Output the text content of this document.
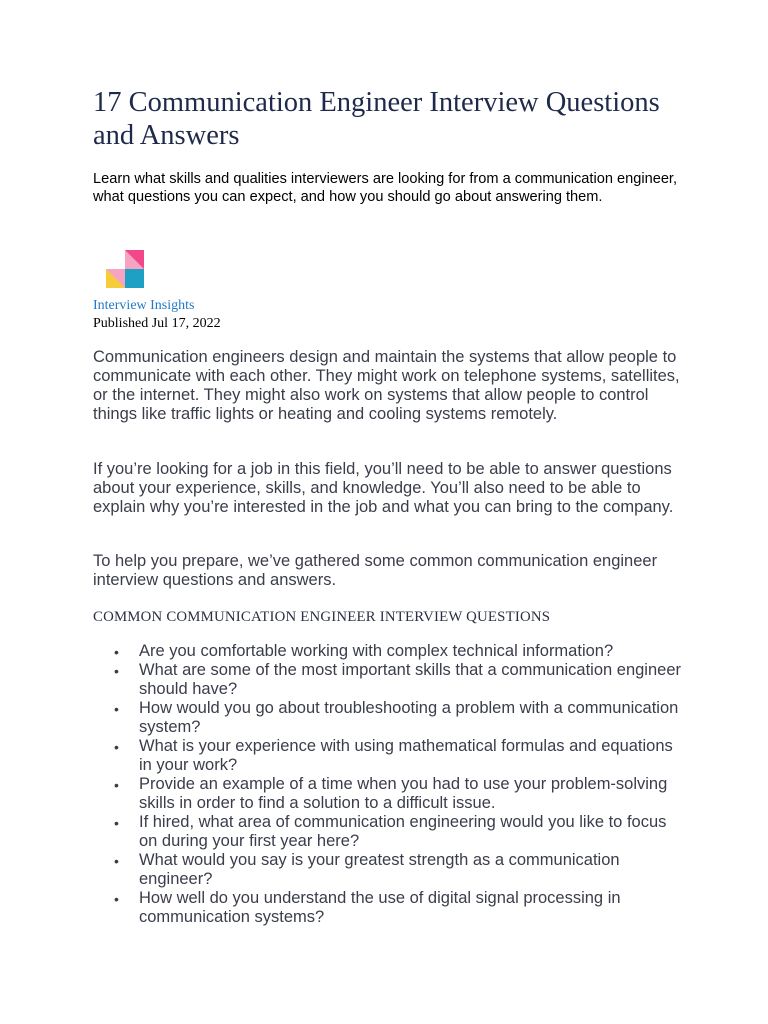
17 Communication Engineer Interview Questions and Answers

Learn what skills and qualities interviewers are looking for from a communication engineer, what questions you can expect, and how you should go about answering them.

Interview Insights

Published Jul 17, 2022

Communication engineers design and maintain the systems that allow people to communicate with each other. They might work on telephone systems, satellites, or the internet. They might also work on systems that allow people to control things like traffic lights or heating and cooling systems remotely.

If you’re looking for a job in this field, you’ll need to be able to answer questions about your experience, skills, and knowledge. You’ll also need to be able to explain why you’re interested in the job and what you can bring to the company.

To help you prepare, we’ve gathered some common communication engineer interview questions and answers.

COMMON COMMUNICATION ENGINEER INTERVIEW QUESTIONS
• Are you comfortable working with complex technical information?
• What are some of the most important skills that a communication engineer should have?
• How would you go about troubleshooting a problem with a communication system?
• What is your experience with using mathematical formulas and equations in your work?
• Provide an example of a time when you had to use your problem-solving skills in order to find a solution to a difficult issue.
• If hired, what area of communication engineering would you like to focus on during your first year here?
• What would you say is your greatest strength as a communication engineer?
• How well do you understand the use of digital signal processing in communication systems?
